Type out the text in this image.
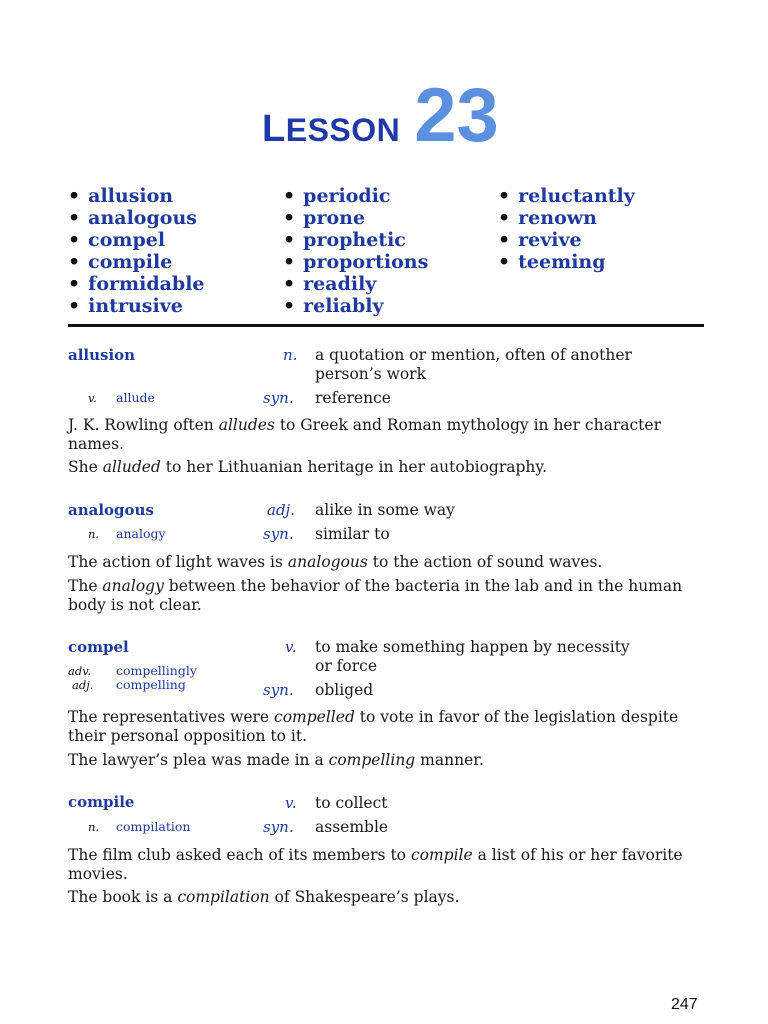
LESSON 23
• allusion
• analogous
• compel
• compile
• formidable
• intrusive
• periodic
• prone
• prophetic
• proportions
• readily
• reliably
• reluctantly
• renown
• revive
• teeming
allusion	n. a quotation or mention, often of another
person’s work
v. allude	syn. reference
J. K. Rowling often alludes to Greek and Roman mythology in her character names.
She alluded to her Lithuanian heritage in her autobiography.
analogous	adj. alike in some way
n. analogy	syn. similar to
The action of light waves is analogous to the action of sound waves.
The analogy between the behavior of the bacteria in the lab and in the human body is not clear.
compel	v. to make something happen by necessity
or force
adv. compellingly
adj. compelling	syn. obliged
The representatives were compelled to vote in favor of the legislation despite their personal opposition to it.
The lawyer’s plea was made in a compelling manner.
compile	v. to collect
n. compilation	syn. assemble
The film club asked each of its members to compile a list of his or her favorite movies.
The book is a compilation of Shakespeare’s plays.
247
